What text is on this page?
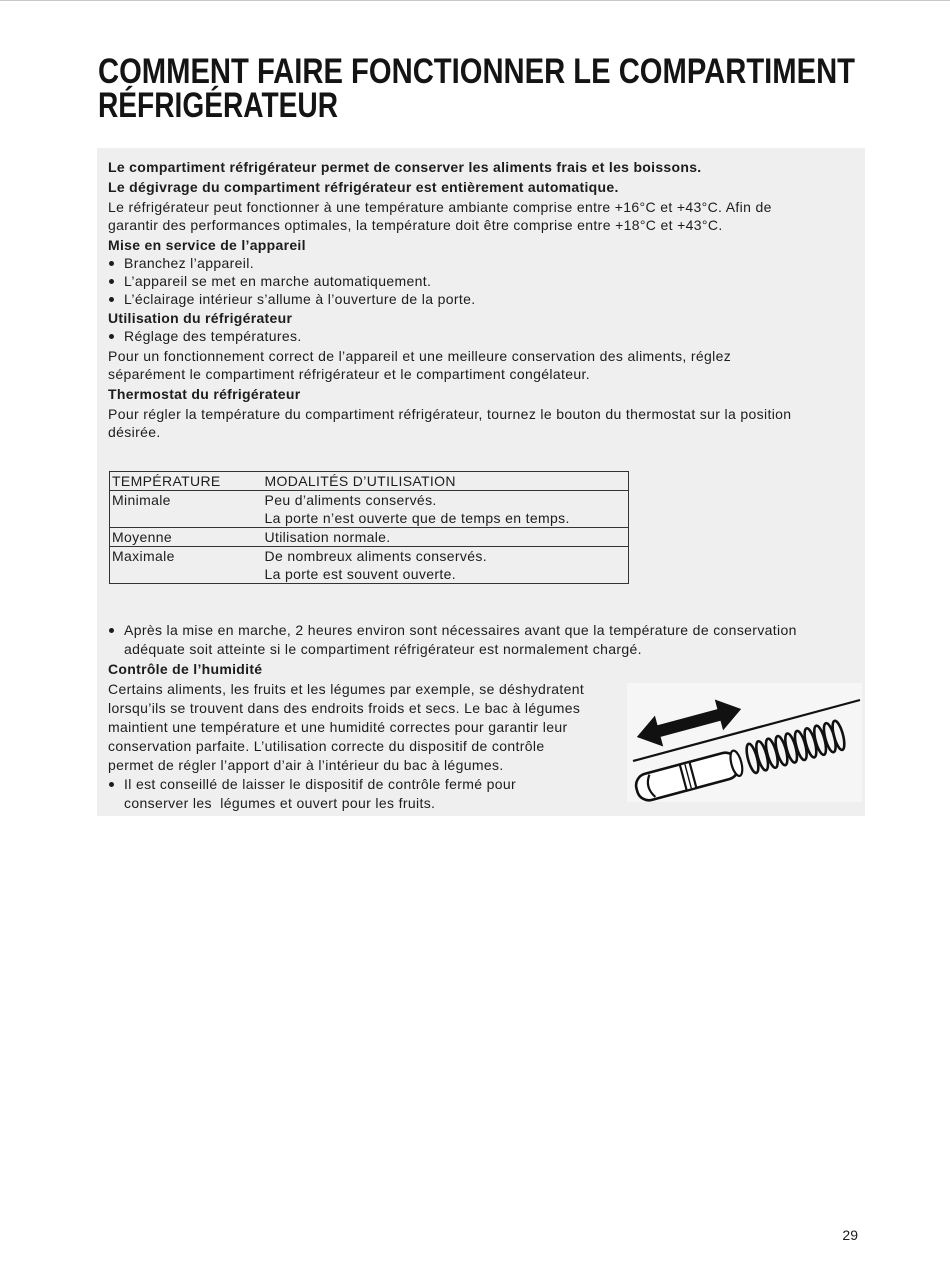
COMMENT FAIRE FONCTIONNER LE COMPARTIMENT
RÉFRIGÉRATEUR
Le compartiment réfrigérateur permet de conserver les aliments frais et les boissons.
Le dégivrage du compartiment réfrigérateur est entièrement automatique.
Le réfrigérateur peut fonctionner à une température ambiante comprise entre +16°C et +43°C. Afin de
garantir des performances optimales, la température doit être comprise entre +18°C et +43°C.
Mise en service de l’appareil
Branchez l’appareil.
L’appareil se met en marche automatiquement.
L’éclairage intérieur s’allume à l’ouverture de la porte.
Utilisation du réfrigérateur
Réglage des températures.
Pour un fonctionnement correct de l’appareil et une meilleure conservation des aliments, réglez
séparément le compartiment réfrigérateur et le compartiment congélateur.
Thermostat du réfrigérateur
Pour régler la température du compartiment réfrigérateur, tournez le bouton du thermostat sur la position
désirée.
TEMPÉRATURE	MODALITÉS D’UTILISATION
Minimale	Peu d’aliments conservés.
La porte n’est ouverte que de temps en temps.

Moyenne	Utilisation normale.

Maximale	De nombreux aliments conservés.
La porte est souvent ouverte.
Après la mise en marche, 2 heures environ sont nécessaires avant que la température de conservation
adéquate soit atteinte si le compartiment réfrigérateur est normalement chargé.
Contrôle de l’humidité
Certains aliments, les fruits et les légumes par exemple, se déshydratent
lorsqu’ils se trouvent dans des endroits froids et secs. Le bac à légumes
maintient une température et une humidité correctes pour garantir leur
conservation parfaite. L’utilisation correcte du dispositif de contrôle
permet de régler l’apport d’air à l’intérieur du bac à légumes.
Il est conseillé de laisser le dispositif de contrôle fermé pour
conserver les  légumes et ouvert pour les fruits.
29
